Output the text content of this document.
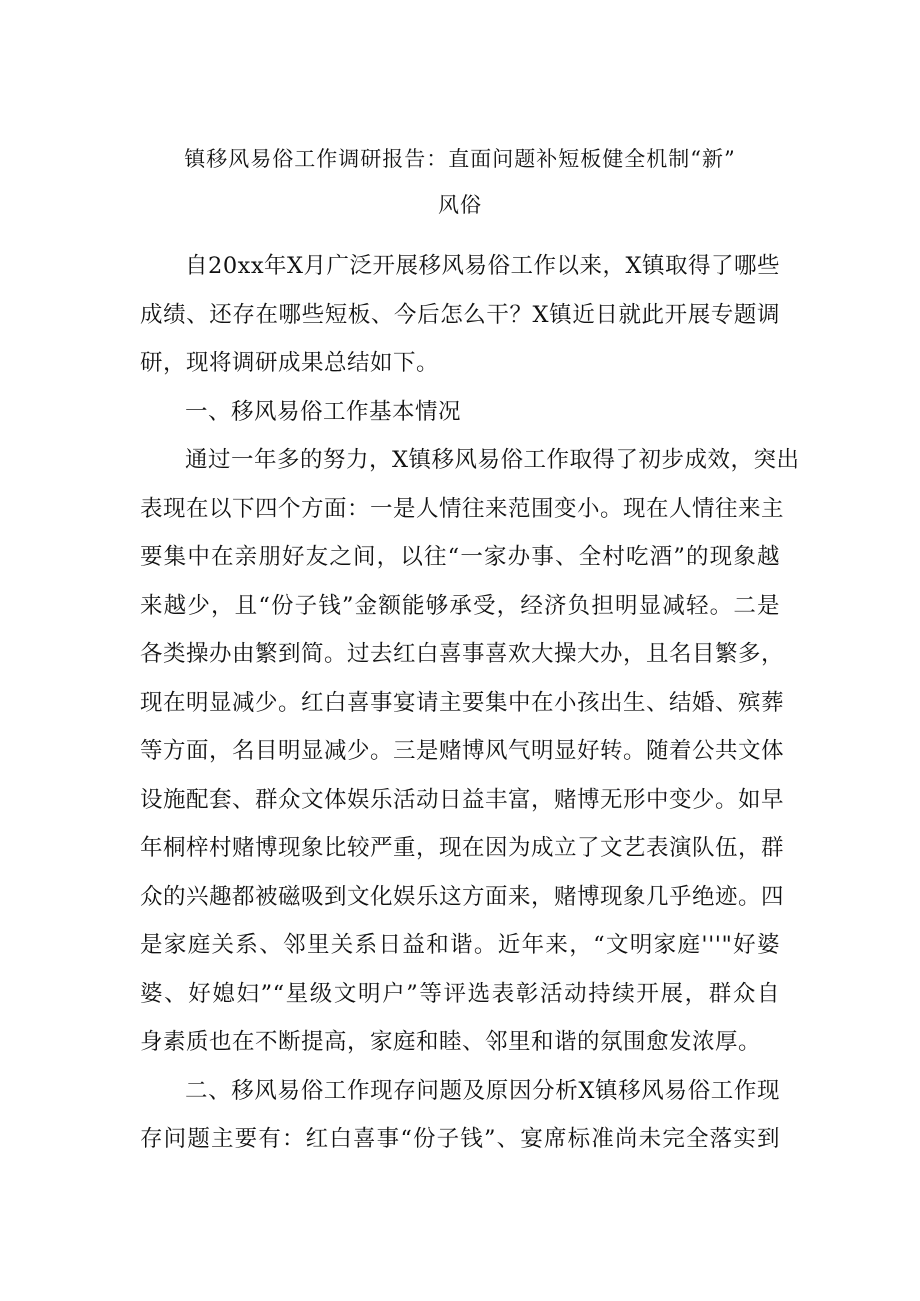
镇移风易俗工作调研报告：直面问题补短板健全机制“新”
风俗
自20xx年X月广泛开展移风易俗工作以来，X镇取得了哪些
成绩、还存在哪些短板、今后怎么干？X镇近日就此开展专题调
研，现将调研成果总结如下。
一、移风易俗工作基本情况
通过一年多的努力，X镇移风易俗工作取得了初步成效，突出
表现在以下四个方面：一是人情往来范围变小。现在人情往来主
要集中在亲朋好友之间，以往“一家办事、全村吃酒”的现象越
来越少，且“份子钱”金额能够承受，经济负担明显减轻。二是
各类操办由繁到简。过去红白喜事喜欢大操大办，且名目繁多，
现在明显减少。红白喜事宴请主要集中在小孩出生、结婚、殡葬
等方面，名目明显减少。三是赌博风气明显好转。随着公共文体
设施配套、群众文体娱乐活动日益丰富，赌博无形中变少。如早
年桐梓村赌博现象比较严重，现在因为成立了文艺表演队伍，群
众的兴趣都被磁吸到文化娱乐这方面来，赌博现象几乎绝迹。四
是家庭关系、邻里关系日益和谐。近年来，“文明家庭'''"好婆
婆、好媳妇”“星级文明户”等评选表彰活动持续开展，群众自
身素质也在不断提高，家庭和睦、邻里和谐的氛围愈发浓厚。
二、移风易俗工作现存问题及原因分析X镇移风易俗工作现
存问题主要有：红白喜事“份子钱”、宴席标准尚未完全落实到
